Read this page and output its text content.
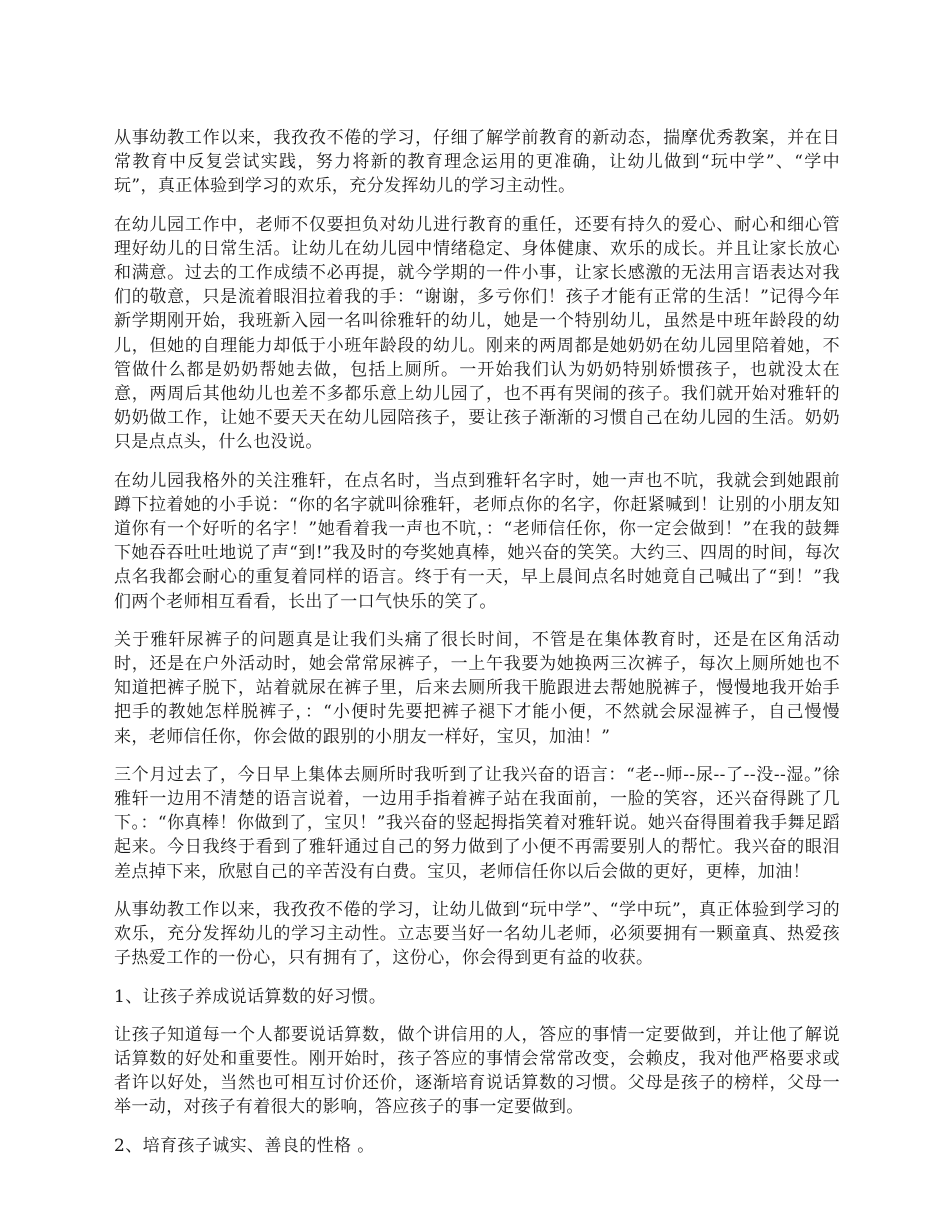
从事幼教工作以来，我孜孜不倦的学习，仔细了解学前教育的新动态，揣摩优秀教案，并在日常教育中反复尝试实践，努力将新的教育理念运用的更准确，让幼儿做到“玩中学”、“学中玩”，真正体验到学习的欢乐，充分发挥幼儿的学习主动性。

在幼儿园工作中，老师不仅要担负对幼儿进行教育的重任，还要有持久的爱心、耐心和细心管理好幼儿的日常生活。让幼儿在幼儿园中情绪稳定、身体健康、欢乐的成长。并且让家长放心和满意。过去的工作成绩不必再提，就今学期的一件小事，让家长感激的无法用言语表达对我们的敬意，只是流着眼泪拉着我的手：“谢谢，多亏你们！孩子才能有正常的生活！”记得今年新学期刚开始，我班新入园一名叫徐雅轩的幼儿，她是一个特别幼儿，虽然是中班年龄段的幼儿，但她的自理能力却低于小班年龄段的幼儿。刚来的两周都是她奶奶在幼儿园里陪着她，不管做什么都是奶奶帮她去做，包括上厕所。一开始我们认为奶奶特别娇惯孩子，也就没太在意，两周后其他幼儿也差不多都乐意上幼儿园了，也不再有哭闹的孩子。我们就开始对雅轩的奶奶做工作，让她不要天天在幼儿园陪孩子，要让孩子渐渐的习惯自己在幼儿园的生活。奶奶只是点点头，什么也没说。

在幼儿园我格外的关注雅轩，在点名时，当点到雅轩名字时，她一声也不吭，我就会到她跟前蹲下拉着她的小手说：“你的名字就叫徐雅轩，老师点你的名字，你赶紧喊到！让别的小朋友知道你有一个好听的名字！”她看着我一声也不吭，：“老师信任你，你一定会做到！”在我的鼓舞下她吞吞吐吐地说了声“到!”我及时的夸奖她真棒，她兴奋的笑笑。大约三、四周的时间，每次点名我都会耐心的重复着同样的语言。终于有一天，早上晨间点名时她竟自己喊出了“到！”我们两个老师相互看看，长出了一口气快乐的笑了。

关于雅轩尿裤子的问题真是让我们头痛了很长时间，不管是在集体教育时，还是在区角活动时，还是在户外活动时，她会常常尿裤子，一上午我要为她换两三次裤子，每次上厕所她也不知道把裤子脱下，站着就尿在裤子里，后来去厕所我干脆跟进去帮她脱裤子，慢慢地我开始手把手的教她怎样脱裤子，：“小便时先要把裤子褪下才能小便，不然就会尿湿裤子，自己慢慢来，老师信任你，你会做的跟别的小朋友一样好，宝贝，加油！”

三个月过去了，今日早上集体去厕所时我听到了让我兴奋的语言：“老--师--尿--了--没--湿。”徐雅轩一边用不清楚的语言说着，一边用手指着裤子站在我面前，一脸的笑容，还兴奋得跳了几下。：“你真棒！你做到了，宝贝！”我兴奋的竖起拇指笑着对雅轩说。她兴奋得围着我手舞足蹈起来。今日我终于看到了雅轩通过自己的努力做到了小便不再需要别人的帮忙。我兴奋的眼泪差点掉下来，欣慰自己的辛苦没有白费。宝贝，老师信任你以后会做的更好，更棒，加油！

从事幼教工作以来，我孜孜不倦的学习，让幼儿做到“玩中学”、“学中玩”，真正体验到学习的欢乐，充分发挥幼儿的学习主动性。立志要当好一名幼儿老师，必须要拥有一颗童真、热爱孩子热爱工作的一份心，只有拥有了，这份心，你会得到更有益的收获。

1、让孩子养成说话算数的好习惯。

让孩子知道每一个人都要说话算数，做个讲信用的人，答应的事情一定要做到，并让他了解说话算数的好处和重要性。刚开始时，孩子答应的事情会常常改变，会赖皮，我对他严格要求或者许以好处，当然也可相互讨价还价，逐渐培育说话算数的习惯。父母是孩子的榜样，父母一举一动，对孩子有着很大的影响，答应孩子的事一定要做到。

2、培育孩子诚实、善良的性格 。
